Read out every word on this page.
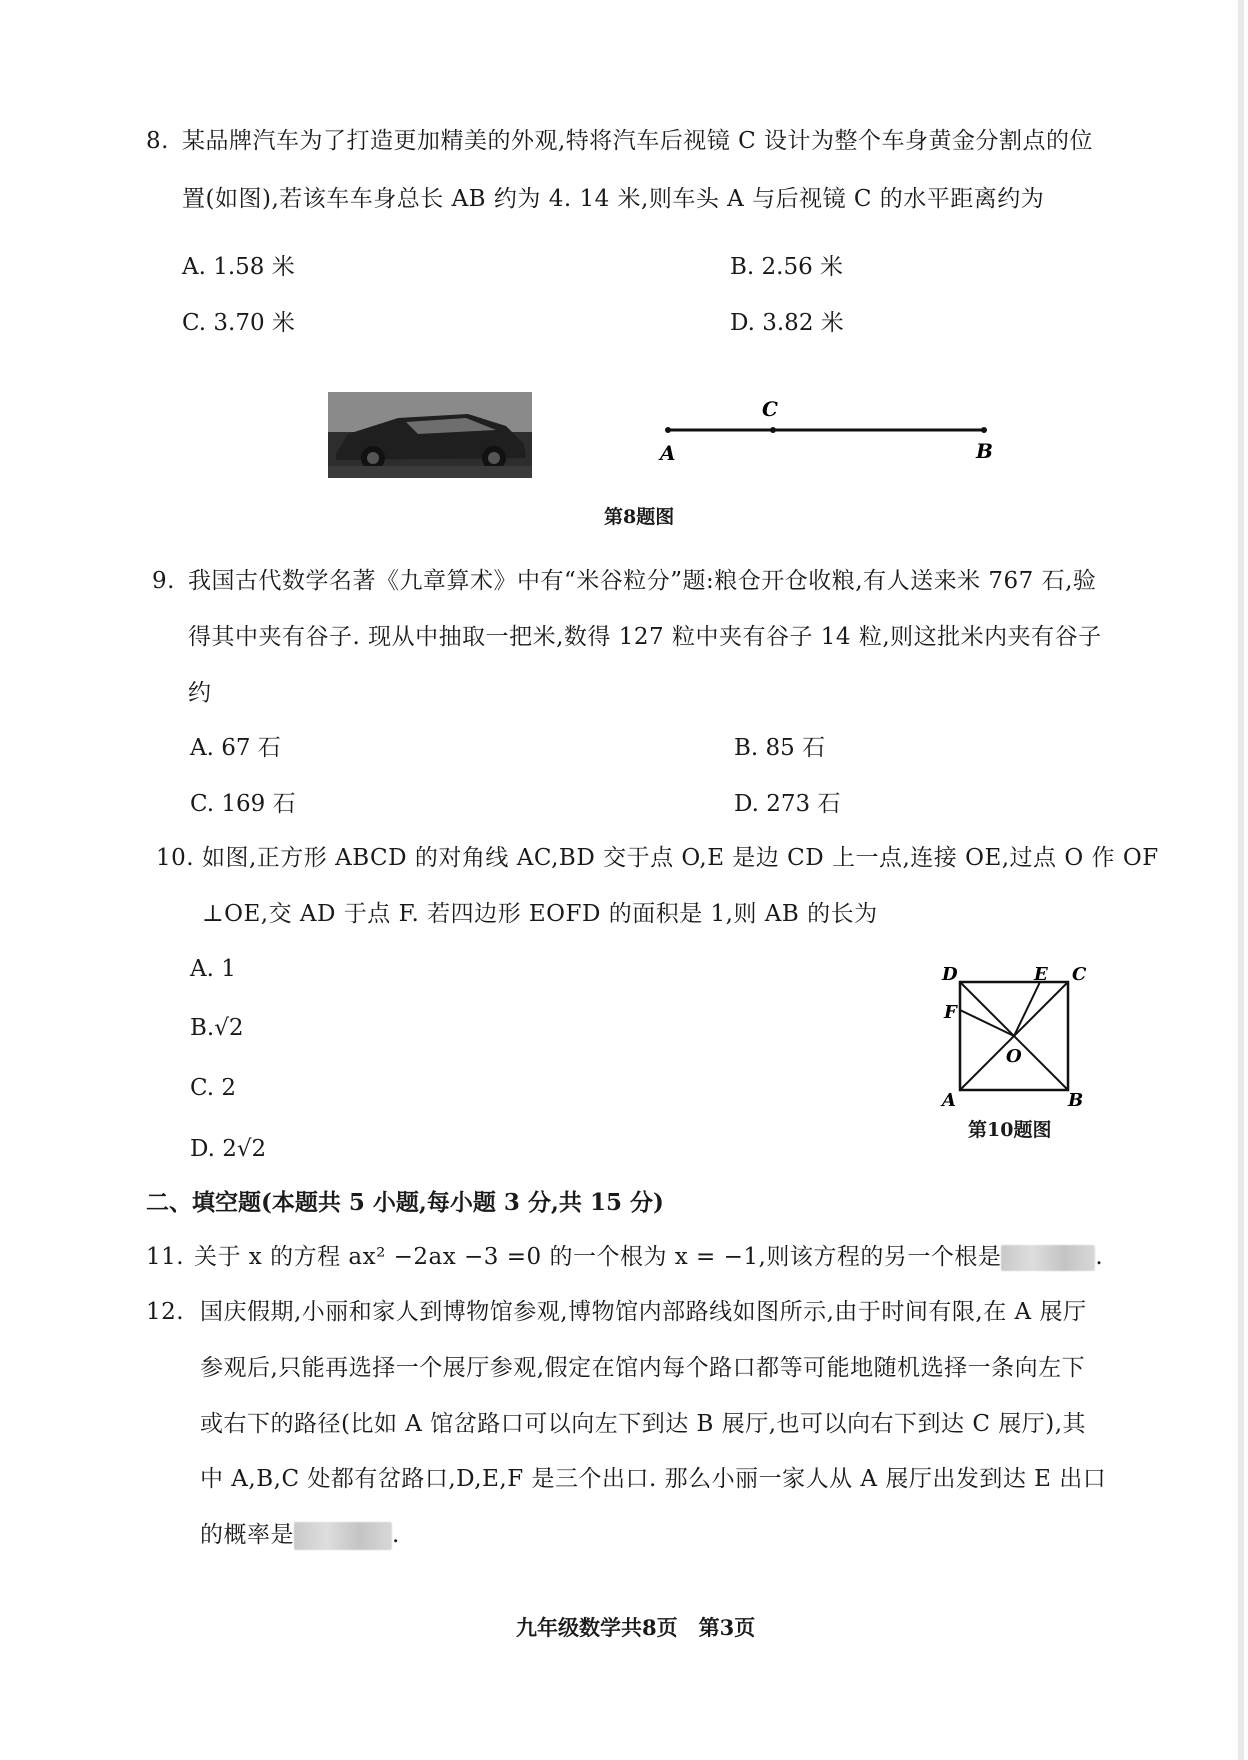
8. 某品牌汽车为了打造更加精美的外观,特将汽车后视镜 C 设计为整个车身黄金分割点的位
置(如图),若该车车身总长 AB 约为 4. 14 米,则车头 A 与后视镜 C 的水平距离约为
A. 1.58 米	B. 2.56 米
C. 3.70 米	D. 3.82 米
C
A	B
第8题图
9. 我国古代数学名著《九章算术》中有“米谷粒分”题:粮仓开仓收粮,有人送来米 767 石,验
得其中夹有谷子. 现从中抽取一把米,数得 127 粒中夹有谷子 14 粒,则这批米内夹有谷子
约
A. 67 石	B. 85 石
C. 169 石	D. 273 石
10. 如图,正方形 ABCD 的对角线 AC,BD 交于点 O,E 是边 CD 上一点,连接 OE,过点 O 作 OF
⊥OE,交 AD 于点 F. 若四边形 EOFD 的面积是 1,则 AB 的长为
A. 1
B.√2
C. 2
D. 2√2
D	E C
F
O
A	B
第10题图
二、填空题(本题共 5 小题,每小题 3 分,共 15 分)
11. 关于 x 的方程 ax² −2ax −3 =0 的一个根为 x = −1,则该方程的另一个根是	.
12. 国庆假期,小丽和家人到博物馆参观,博物馆内部路线如图所示,由于时间有限,在 A 展厅
参观后,只能再选择一个展厅参观,假定在馆内每个路口都等可能地随机选择一条向左下
或右下的路径(比如 A 馆岔路口可以向左下到达 B 展厅,也可以向右下到达 C 展厅),其
中 A,B,C 处都有岔路口,D,E,F 是三个出口. 那么小丽一家人从 A 展厅出发到达 E 出口
的概率是	.
九年级数学共8页　第3页
